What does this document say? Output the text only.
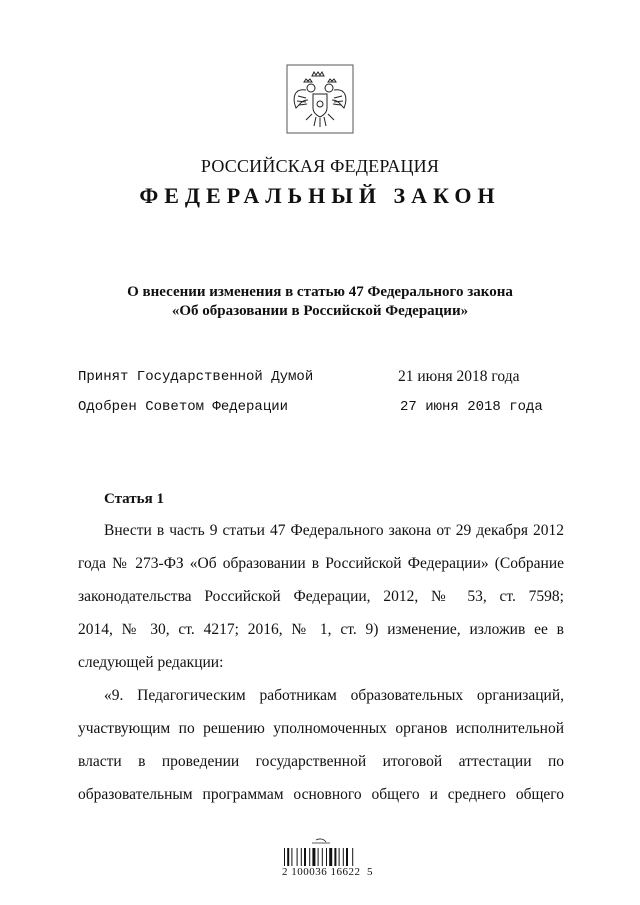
РОССИЙСКАЯ ФЕДЕРАЦИЯ
ФЕДЕРАЛЬНЫЙ ЗАКОН
О внесении изменения в статью 47 Федерального закона
«Об образовании в Российской Федерации»
Принят Государственной Думой	21 июня 2018 года
Одобрен Советом Федерации	27 июня 2018 года
Статья 1
Внести в часть 9 статьи 47 Федерального закона от 29 декабря 2012
года № 273-ФЗ «Об образовании в Российской Федерации» (Собрание
законодательства Российской Федерации, 2012, № 53, ст. 7598;
2014, № 30, ст. 4217; 2016, № 1, ст. 9) изменение, изложив ее в
следующей редакции:
«9. Педагогическим работникам образовательных организаций,
участвующим по решению уполномоченных органов исполнительной
власти в проведении государственной итоговой аттестации по
образовательным программам основного общего и среднего общего
2 100036 16622  5
